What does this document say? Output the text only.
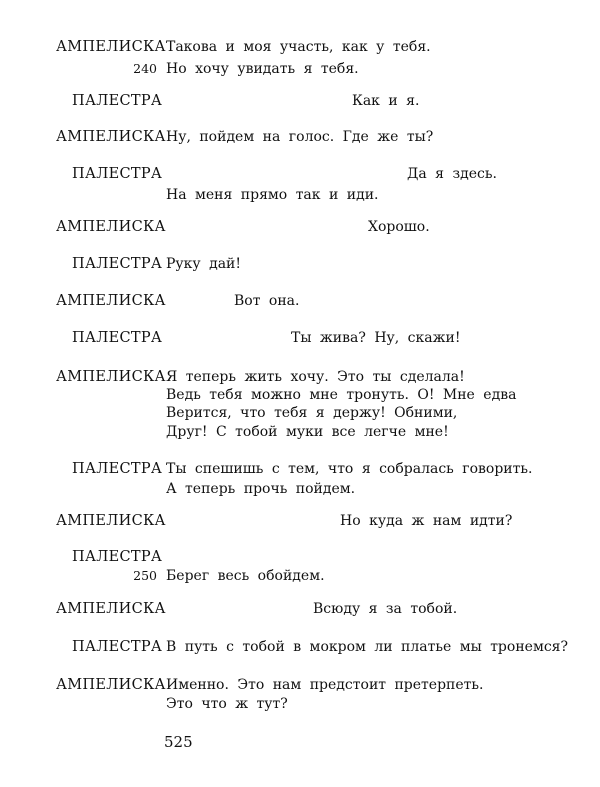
АМПЕЛИСКА Такова и моя участь, как у тебя.
240 Но хочу увидать я тебя.
ПАЛЕСТРА	Как и я.
АМПЕЛИСКА Ну, пойдем на голос. Где же ты?
ПАЛЕСТРА	Да я здесь.
На меня прямо так и иди.
АМПЕЛИСКА	Хорошо.
ПАЛЕСТРА Руку дай!
АМПЕЛИСКА	Вот она.
ПАЛЕСТРА	Ты жива? Ну, скажи!
АМПЕЛИСКА Я теперь жить хочу. Это ты сделала!
Ведь тебя можно мне тронуть. О! Мне едва
Верится, что тебя я держу! Обними,
Друг! С тобой муки все легче мне!
ПАЛЕСТРА Ты спешишь с тем, что я собралась говорить.
А теперь прочь пойдем.
АМПЕЛИСКА	Но куда ж нам идти?
ПАЛЕСТРА
250 Берег весь обойдем.
АМПЕЛИСКА	Всюду я за тобой.
ПАЛЕСТРА В путь с тобой в мокром ли платье мы тронемся?
АМПЕЛИСКА Именно. Это нам предстоит претерпеть.
Это что ж тут?
525
